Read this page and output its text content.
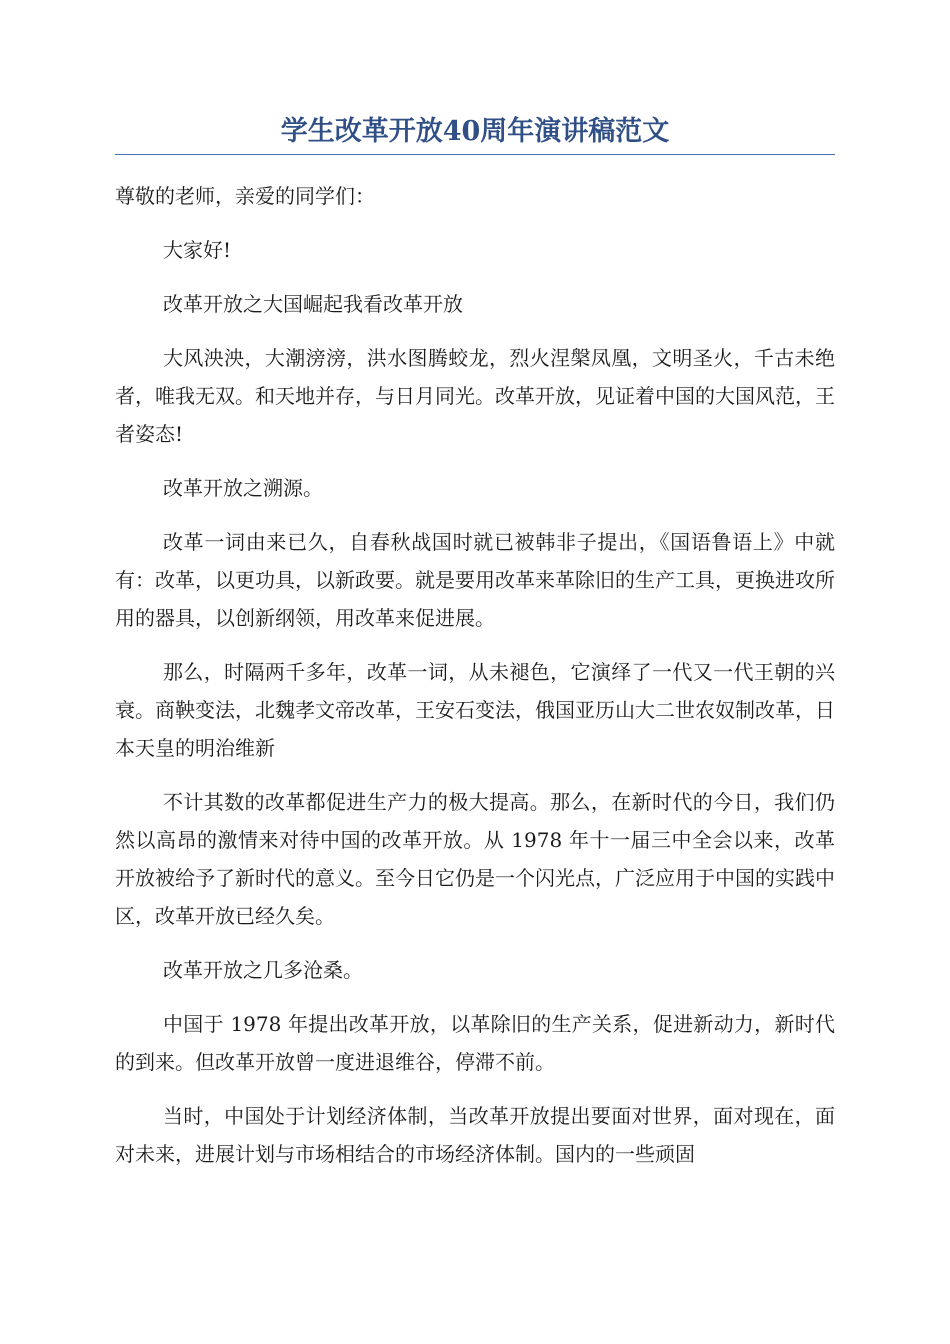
学生改革开放40周年演讲稿范文

尊敬的老师，亲爱的同学们：

大家好!

改革开放之大国崛起我看改革开放

大风泱泱，大潮滂滂，洪水图腾蛟龙，烈火涅槃凤凰，文明圣火，千古未绝者，唯我无双。和天地并存，与日月同光。改革开放，见证着中国的大国风范，王者姿态!

改革开放之溯源。

改革一词由来已久，自春秋战国时就已被韩非子提出，《国语鲁语上》中就有：改革，以更功具，以新政要。就是要用改革来革除旧的生产工具，更换进攻所用的器具，以创新纲领，用改革来促进展。

那么，时隔两千多年，改革一词，从未褪色，它演绎了一代又一代王朝的兴衰。商鞅变法，北魏孝文帝改革，王安石变法，俄国亚历山大二世农奴制改革，日本天皇的明治维新

不计其数的改革都促进生产力的极大提高。那么，在新时代的今日，我们仍然以高昂的激情来对待中国的改革开放。从 1978 年十一届三中全会以来，改革开放被给予了新时代的意义。至今日它仍是一个闪光点，广泛应用于中国的实践中区，改革开放已经久矣。

改革开放之几多沧桑。

中国于 1978 年提出改革开放，以革除旧的生产关系，促进新动力，新时代的到来。但改革开放曾一度进退维谷，停滞不前。

当时，中国处于计划经济体制，当改革开放提出要面对世界，面对现在，面对未来，进展计划与市场相结合的市场经济体制。国内的一些顽固
